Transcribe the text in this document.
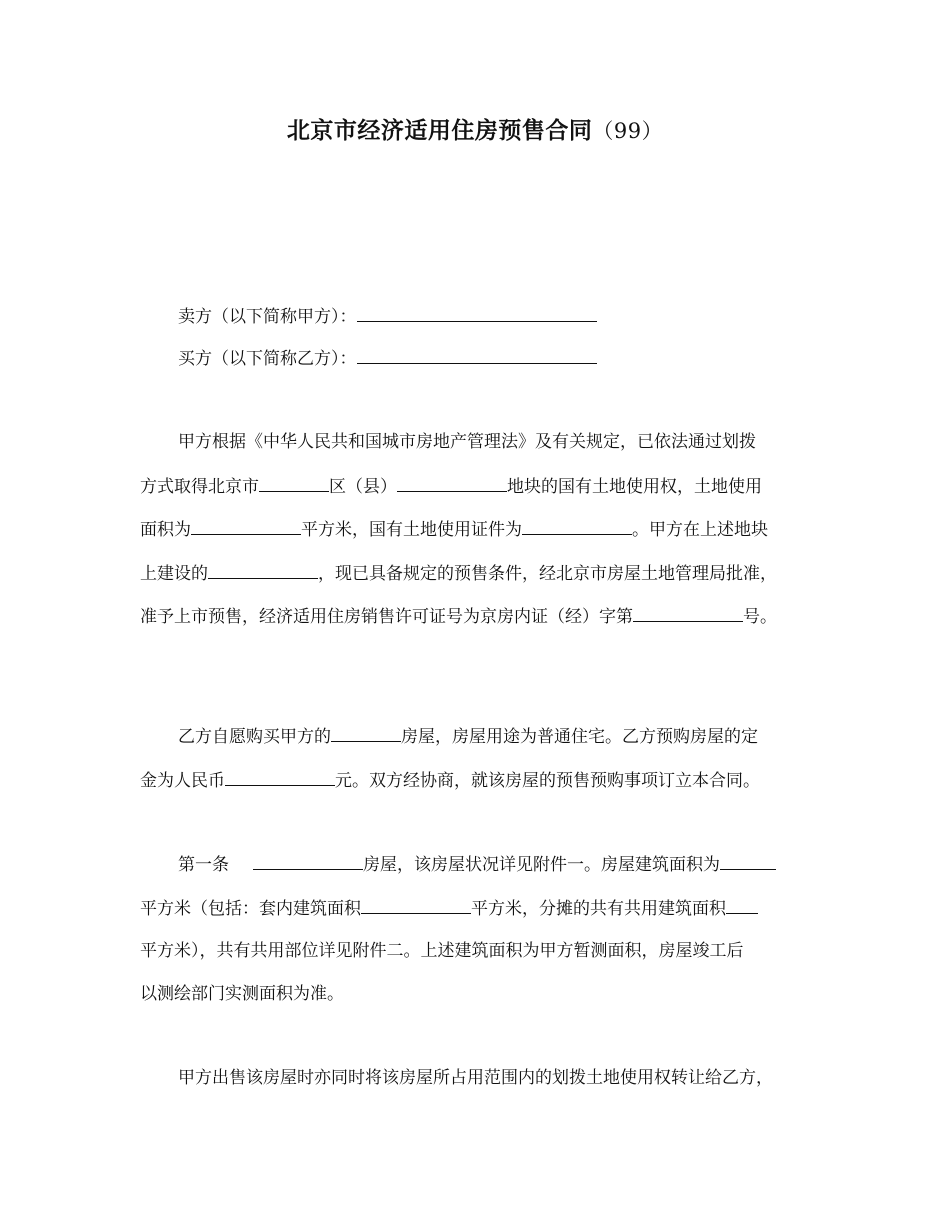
北京市经济适用住房预售合同（99）
卖方（以下简称甲方）：
买方（以下简称乙方）：
甲方根据《中华人民共和国城市房地产管理法》及有关规定，已依法通过划拨
方式取得北京市	区（县）	地块的国有土地使用权，土地使用
面积为	平方米，国有土地使用证件为	。甲方在上述地块
上建设的	，现已具备规定的预售条件，经北京市房屋土地管理局批准，
准予上市预售，经济适用住房销售许可证号为京房内证（经）字第	号。
乙方自愿购买甲方的	房屋，房屋用途为普通住宅。乙方预购房屋的定
金为人民币	元。双方经协商，就该房屋的预售预购事项订立本合同。
第一条	房屋，该房屋状况详见附件一。房屋建筑面积为
平方米（包括：套内建筑面积	平方米，分摊的共有共用建筑面积
平方米），共有共用部位详见附件二。上述建筑面积为甲方暂测面积，房屋竣工后
以测绘部门实测面积为准。
甲方出售该房屋时亦同时将该房屋所占用范围内的划拨土地使用权转让给乙方，
